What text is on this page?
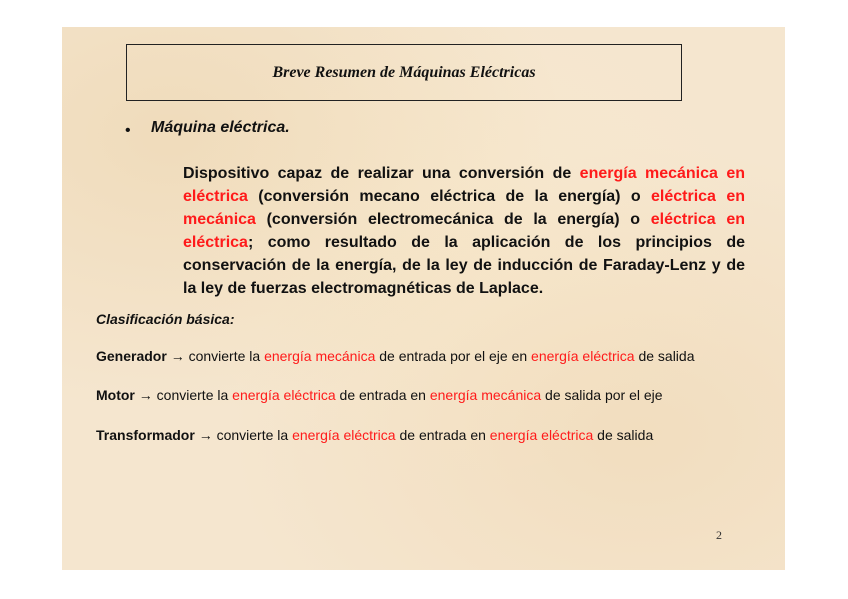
Breve Resumen de Máquinas Eléctricas
• Máquina eléctrica.
Dispositivo capaz de realizar una conversión de energía mecánica en eléctrica (conversión mecano eléctrica de la energía) o eléctrica en mecánica (conversión electromecánica de la energía) o eléctrica en eléctrica; como resultado de la aplicación de los principios de conservación de la energía, de la ley de inducción de Faraday-Lenz y de la ley de fuerzas electromagnéticas de Laplace.
Clasificación básica:
Generador → convierte la energía mecánica de entrada por el eje en energía eléctrica de salida
Motor → convierte la energía eléctrica de entrada en energía mecánica de salida por el eje
Transformador → convierte la energía eléctrica de entrada en energía eléctrica de salida
2
